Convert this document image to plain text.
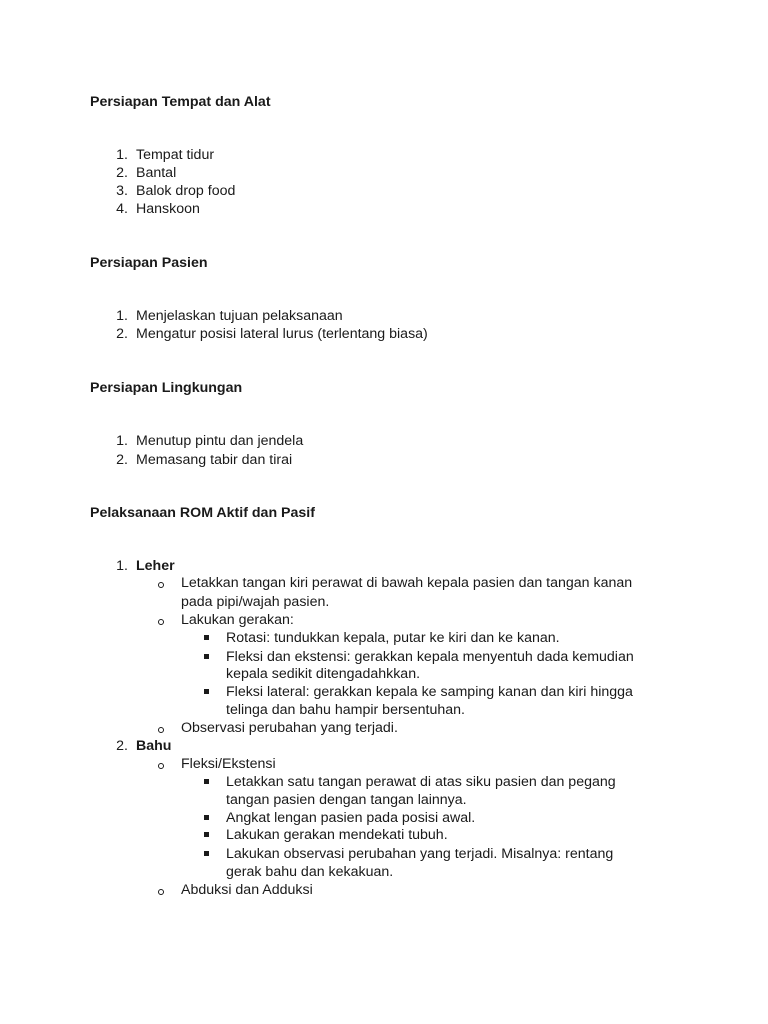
Persiapan Tempat dan Alat
1. Tempat tidur
2. Bantal
3. Balok drop food
4. Hanskoon
Persiapan Pasien
1. Menjelaskan tujuan pelaksanaan
2. Mengatur posisi lateral lurus (terlentang biasa)
Persiapan Lingkungan
1. Menutup pintu dan jendela
2. Memasang tabir dan tirai
Pelaksanaan ROM Aktif dan Pasif
1. Leher
Letakkan tangan kiri perawat di bawah kepala pasien dan tangan kanan
pada pipi/wajah pasien.
Lakukan gerakan:
Rotasi: tundukkan kepala, putar ke kiri dan ke kanan.
Fleksi dan ekstensi: gerakkan kepala menyentuh dada kemudian
kepala sedikit ditengadahkkan.
Fleksi lateral: gerakkan kepala ke samping kanan dan kiri hingga
telinga dan bahu hampir bersentuhan.
Observasi perubahan yang terjadi.
2. Bahu
Fleksi/Ekstensi
Letakkan satu tangan perawat di atas siku pasien dan pegang
tangan pasien dengan tangan lainnya.
Angkat lengan pasien pada posisi awal.
Lakukan gerakan mendekati tubuh.
Lakukan observasi perubahan yang terjadi. Misalnya: rentang
gerak bahu dan kekakuan.
Abduksi dan Adduksi
